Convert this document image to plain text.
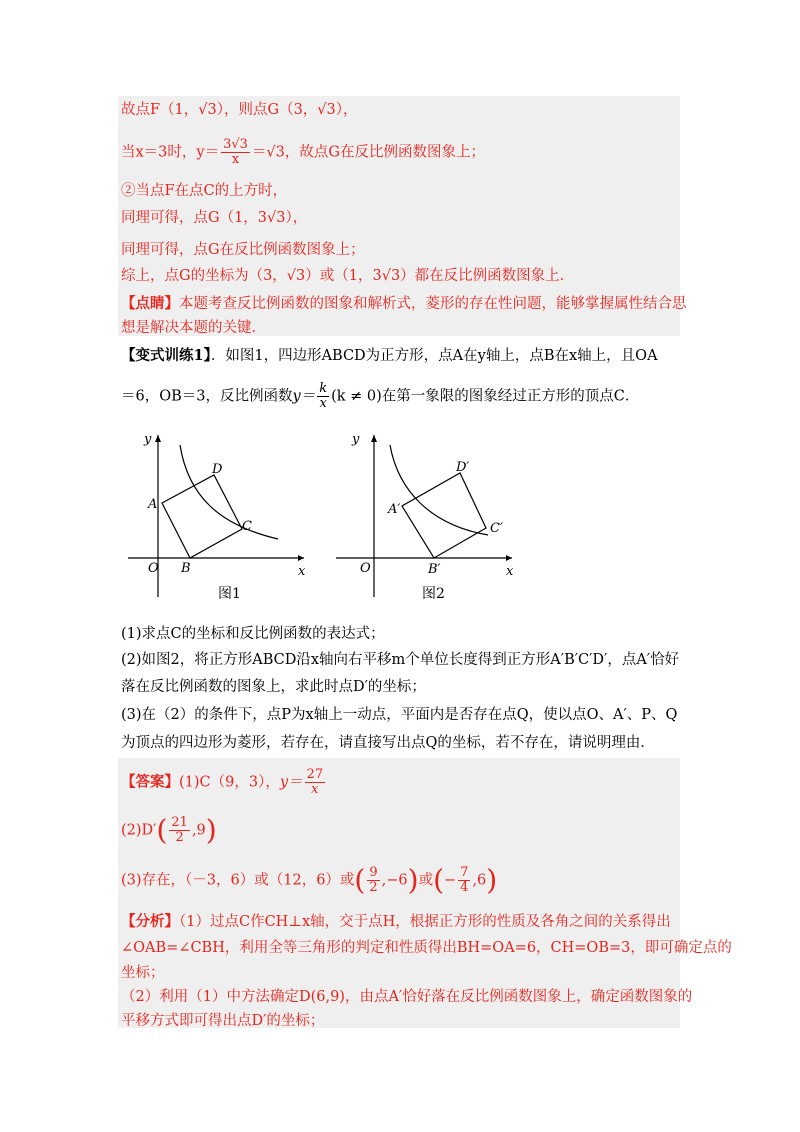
故点F（1，√3），则点G（3，√3），
当x＝3时，$y= \frac{3√3}{x} =√3$，故点G在反比例函数图象上；
②当点F在点C的上方时，
同理可得，点G（1，3√3），
同理可得，点G在反比例函数图象上；
综上，点G的坐标为（3，√3）或（1，3√3）都在反比例函数图象上．
【点睛】本题考查反比例函数的图象和解析式，菱形的存在性问题，能够掌握属性结合思
想是解决本题的关键．
【变式训练1】．如图1，四边形ABCD为正方形，点A在y轴上，点B在x轴上，且OA
＝6，OB＝3，反比例函数$y= \frac{k}{x} (k \ne 0)$在第一象限的图象经过正方形的顶点C．
y
x
O
A
B
C
D
图1
y
x
O
A′
B′
C′
D′
图2
(1)求点C的坐标和反比例函数的表达式；
(2)如图2，将正方形ABCD沿x轴向右平移m个单位长度得到正方形A′B′C′D′，点A′恰好
落在反比例函数的图象上，求此时点D′的坐标；
(3)在（2）的条件下，点P为x轴上一动点，平面内是否存在点Q，使以点O、A′、P、Q
为顶点的四边形为菱形，若存在，请直接写出点Q的坐标，若不存在，请说明理由．
【答案】(1)C（9，3），$y= \frac{27}{x}$
$(2)D'( \frac{21}{2} ,9)$
(3)存在，（－3，6）或（12，6）或( $\frac{9}{2} ,-6$)或(− $\frac{7}{4} ,6$)
【分析】（1）过点C作CH⊥x轴，交于点H，根据正方形的性质及各角之间的关系得出
∠OAB=∠CBH，利用全等三角形的判定和性质得出BH=OA=6，CH=OB=3，即可确定点的
坐标；
（2）利用（1）中方法确定D(6,9)，由点A′恰好落在反比例函数图象上，确定函数图象的
平移方式即可得出点D′的坐标；
